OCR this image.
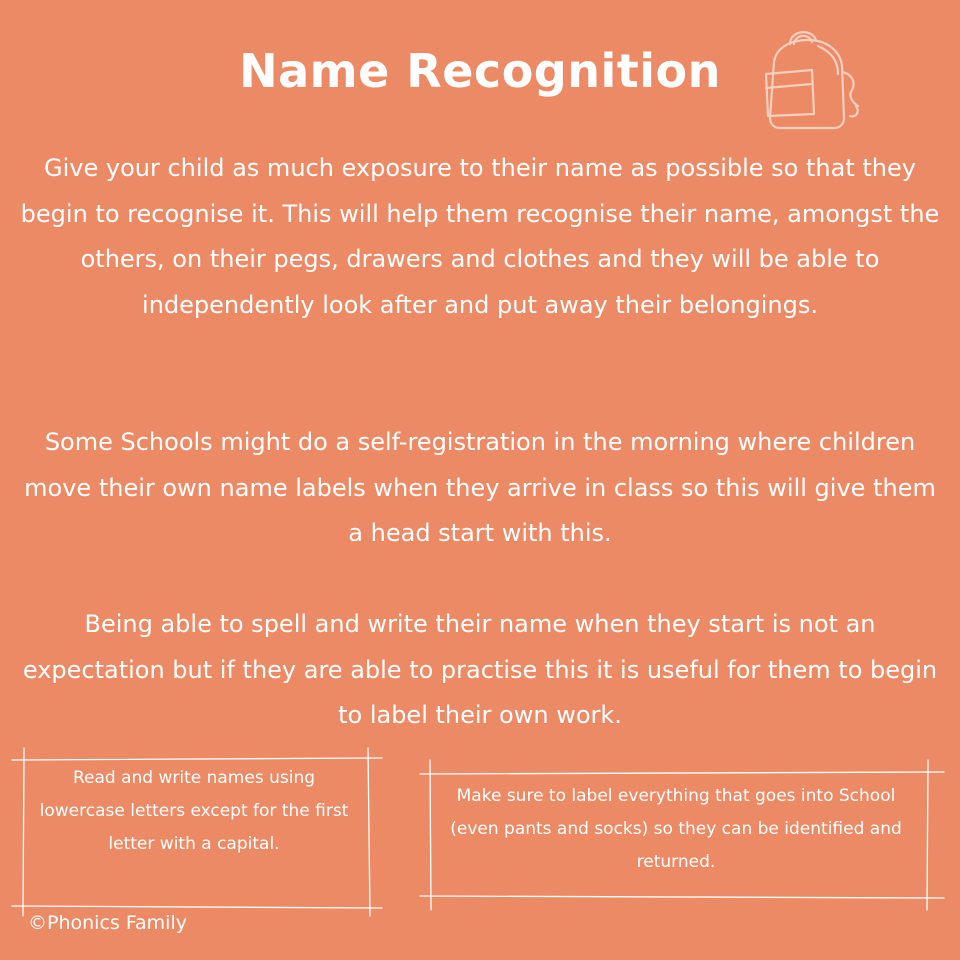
Name Recognition

Give your child as much exposure to their name as possible so that they begin to recognise it. This will help them recognise their name, amongst the others, on their pegs, drawers and clothes and they will be able to independently look after and put away their belongings.

Some Schools might do a self-registration in the morning where children move their own name labels when they arrive in class so this will give them a head start with this.

Being able to spell and write their name when they start is not an expectation but if they are able to practise this it is useful for them to begin to label their own work.

Read and write names using lowercase letters except for the first letter with a capital.

Make sure to label everything that goes into School (even pants and socks) so they can be identified and returned.

©Phonics Family
